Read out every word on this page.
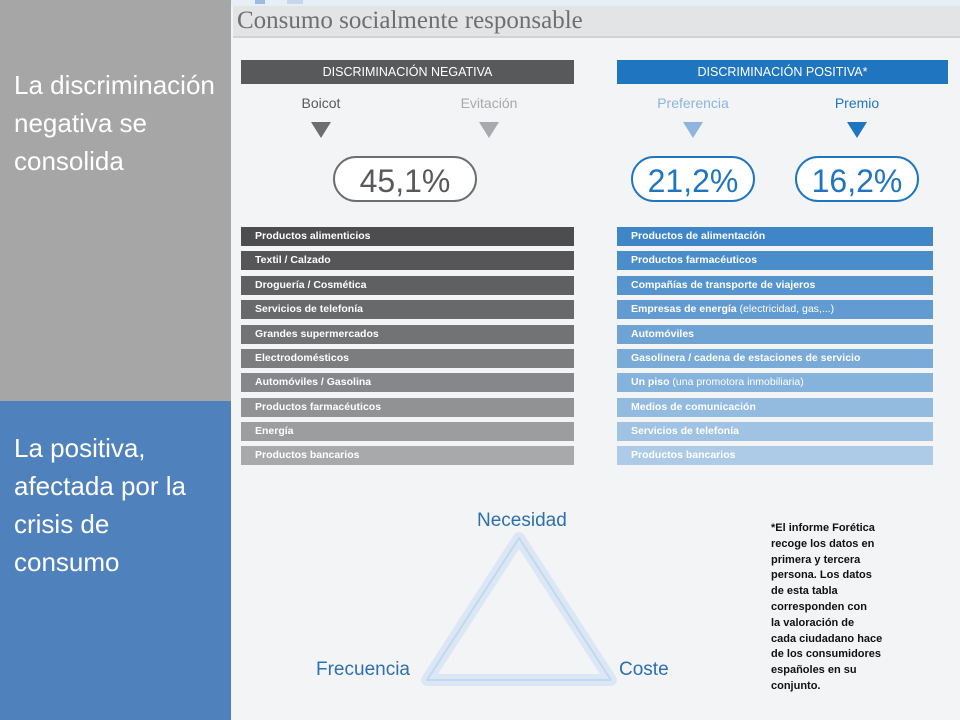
La discriminación negativa se consolida
La positiva, afectada por la crisis de consumo
Consumo socialmente responsable
DISCRIMINACIÓN NEGATIVA	DISCRIMINACIÓN POSITIVA*
Boicot	Evitación	Preferencia	Premio
45,1%	21,2%	16,2%
Productos alimenticios
Textil / Calzado
Droguería / Cosmética
Servicios de telefonía
Grandes supermercados
Electrodomésticos
Automóviles / Gasolina
Productos farmacéuticos
Energía
Productos bancarios
Productos de alimentación
Productos farmacéuticos
Compañías de transporte de viajeros
Empresas de energía (electricidad, gas,...)
Automóviles
Gasolinera / cadena de estaciones de servicio
Un piso (una promotora inmobiliaria)
Medios de comunicación
Servicios de telefonía
Productos bancarios
Necesidad
Frecuencia	Coste
*El informe Forética
recoge los datos en
primera y tercera
persona. Los datos
de esta tabla
corresponden con
la valoración de
cada ciudadano hace
de los consumidores
españoles en su
conjunto.
